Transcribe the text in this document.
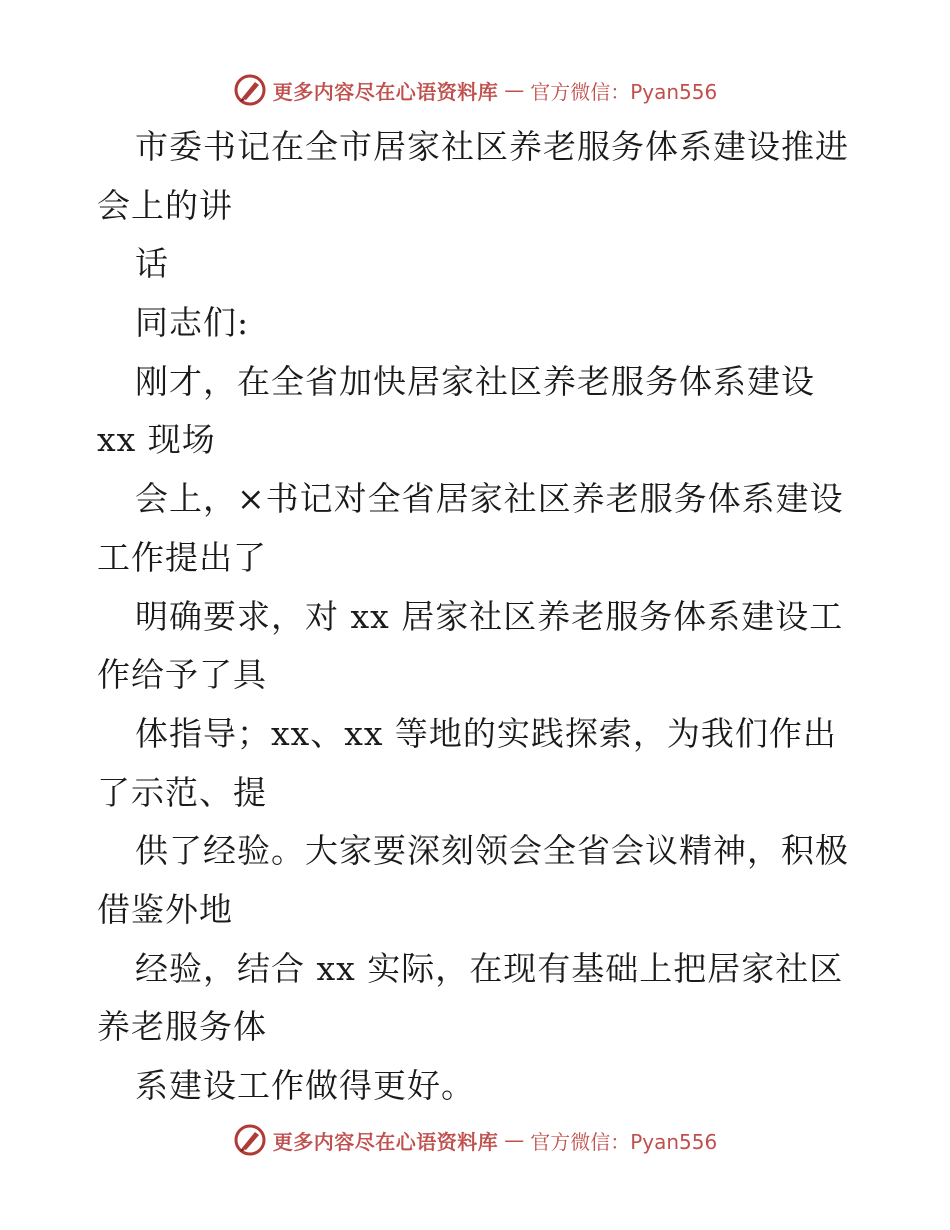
更多内容尽在心语资料库 — 官方微信：Pyan556
市委书记在全市居家社区养老服务体系建设推进
会上的讲
话
同志们:
刚才，在全省加快居家社区养老服务体系建设
xx 现场
会上，×书记对全省居家社区养老服务体系建设
工作提出了
明确要求，对 xx 居家社区养老服务体系建设工
作给予了具
体指导；xx、xx 等地的实践探索，为我们作出
了示范、提
供了经验。大家要深刻领会全省会议精神，积极
借鉴外地
经验，结合 xx 实际，在现有基础上把居家社区
养老服务体
系建设工作做得更好。
更多内容尽在心语资料库 — 官方微信：Pyan556
